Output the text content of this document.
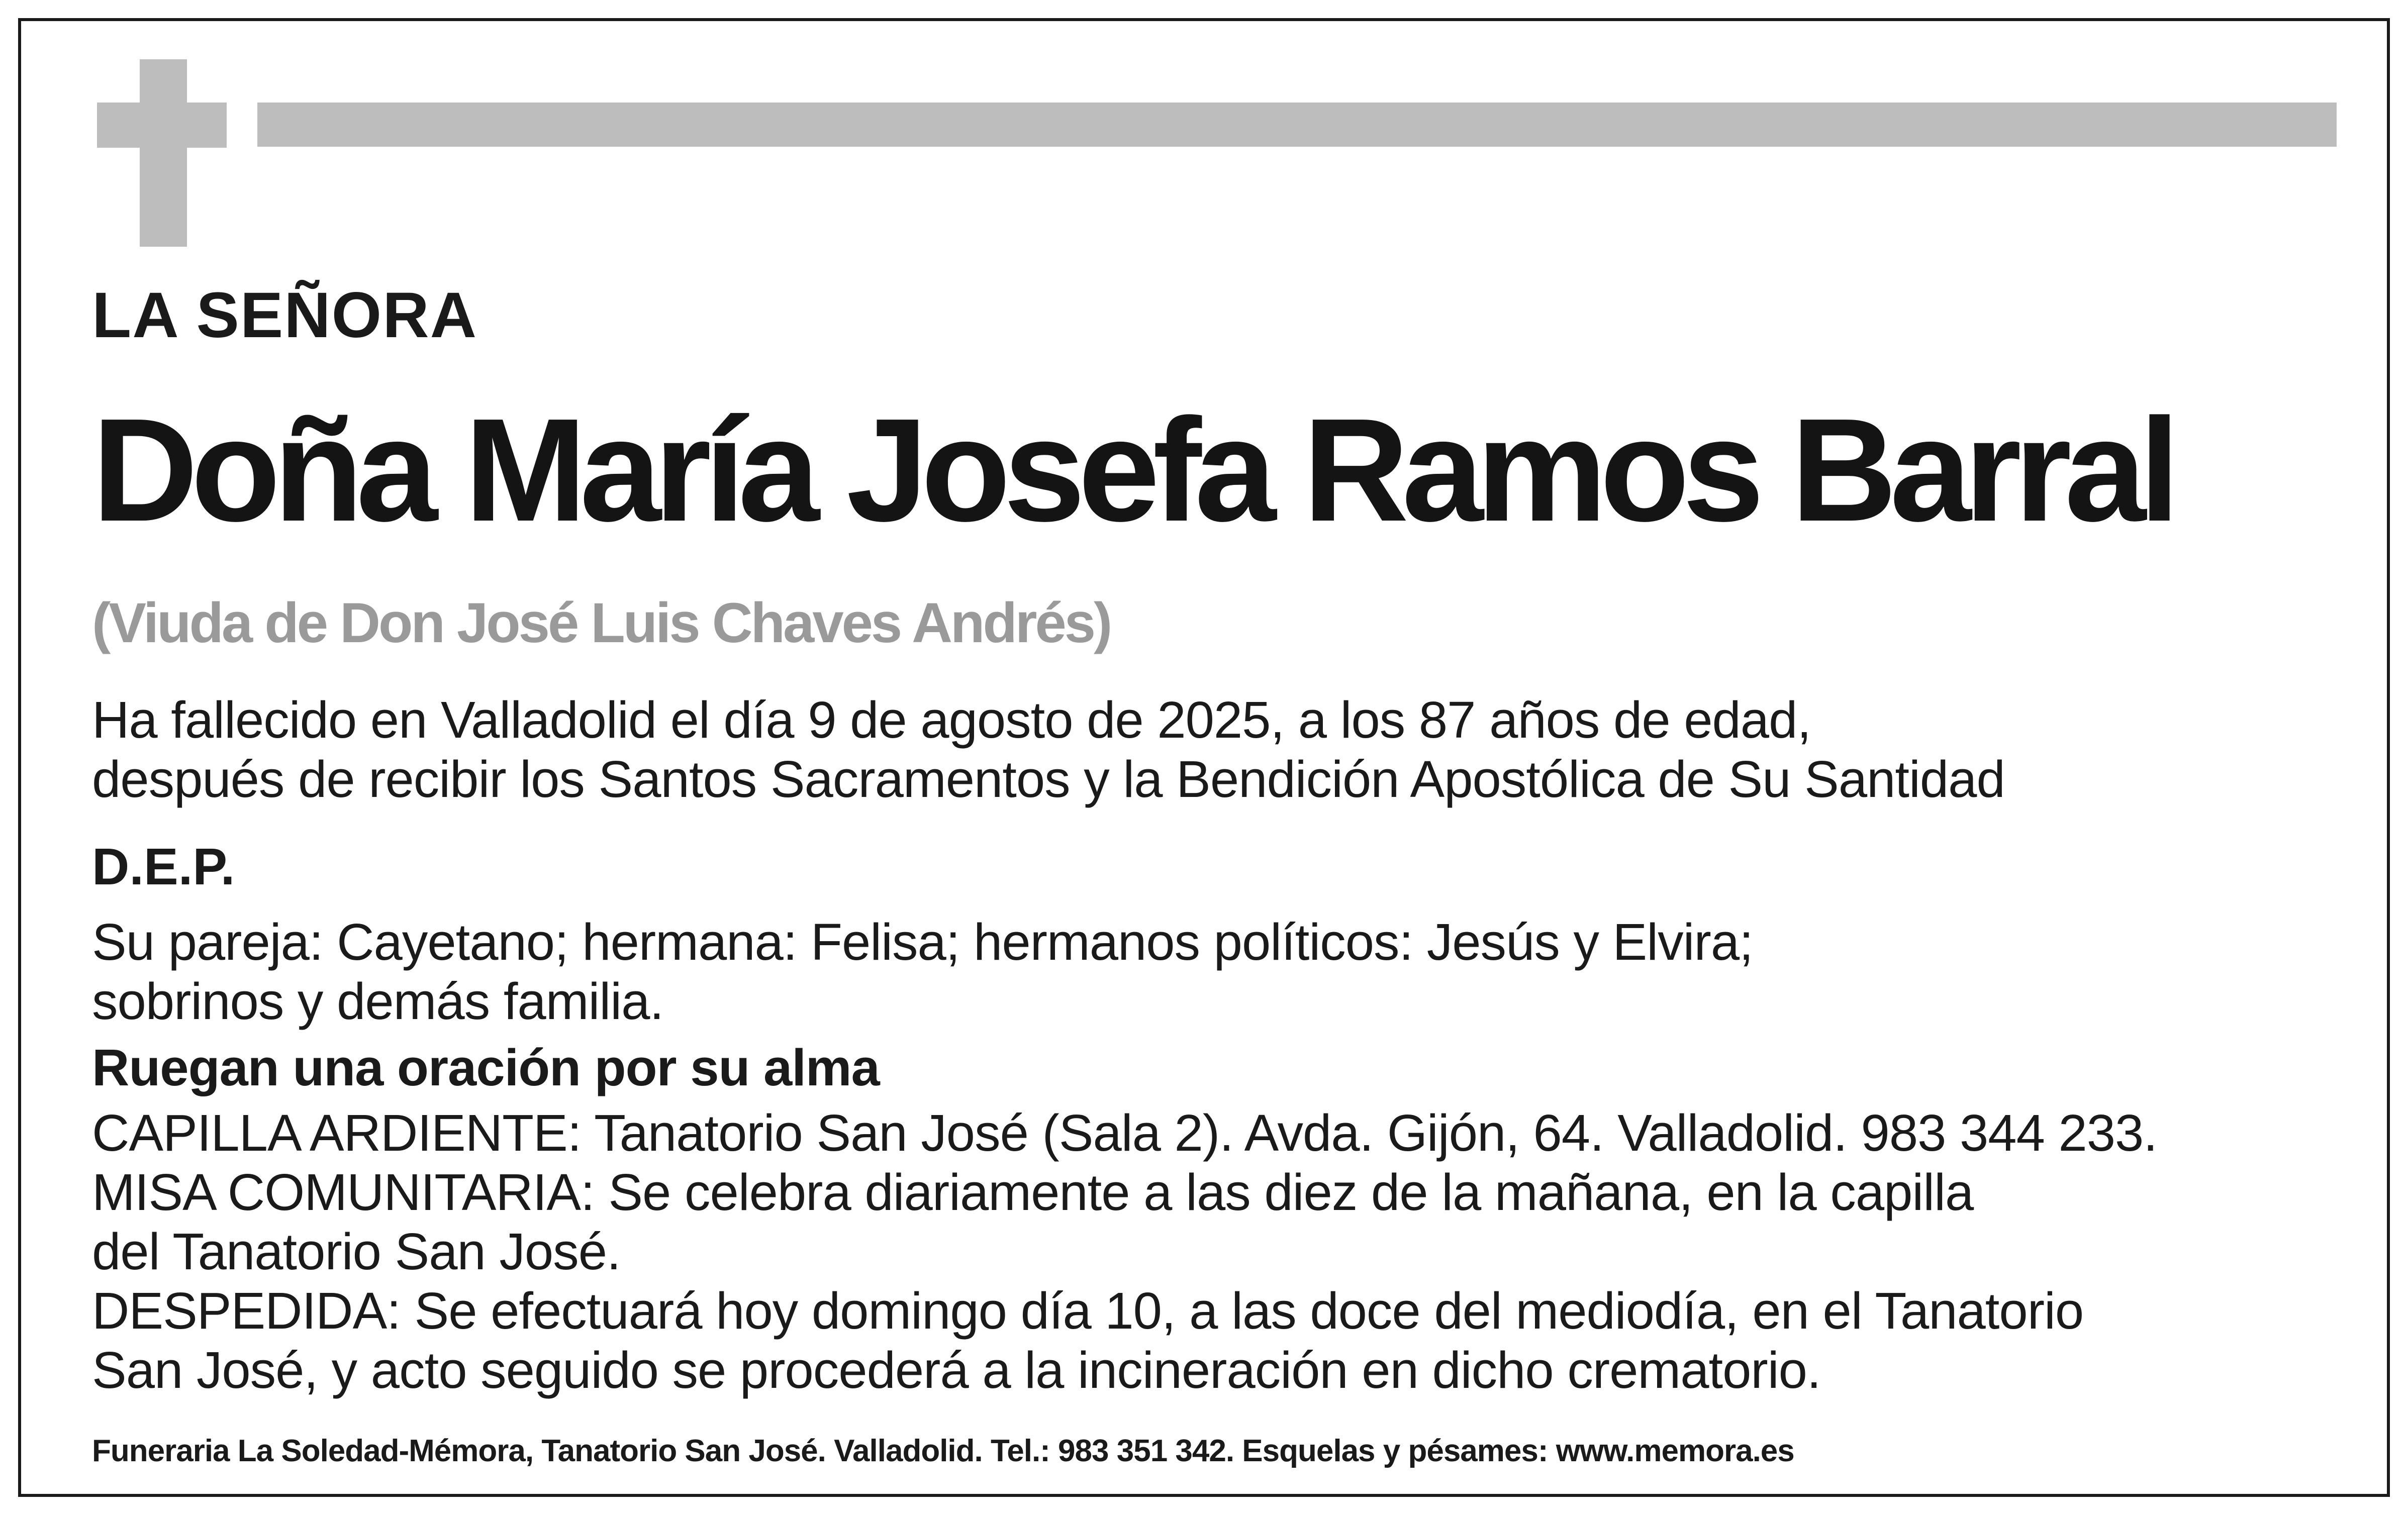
LA SEÑORA
Doña María Josefa Ramos Barral
(Viuda de Don José Luis Chaves Andrés)
Ha fallecido en Valladolid el día 9 de agosto de 2025, a los 87 años de edad,
después de recibir los Santos Sacramentos y la Bendición Apostólica de Su Santidad
D.E.P.
Su pareja: Cayetano; hermana: Felisa; hermanos políticos: Jesús y Elvira;
sobrinos y demás familia.
Ruegan una oración por su alma
CAPILLA ARDIENTE: Tanatorio San José (Sala 2). Avda. Gijón, 64. Valladolid. 983 344 233.
MISA COMUNITARIA: Se celebra diariamente a las diez de la mañana, en la capilla
del Tanatorio San José.
DESPEDIDA: Se efectuará hoy domingo día 10, a las doce del mediodía, en el Tanatorio
San José, y acto seguido se procederá a la incineración en dicho crematorio.
Funeraria La Soledad-Mémora, Tanatorio San José. Valladolid. Tel.: 983 351 342. Esquelas y pésames: www.memora.es
